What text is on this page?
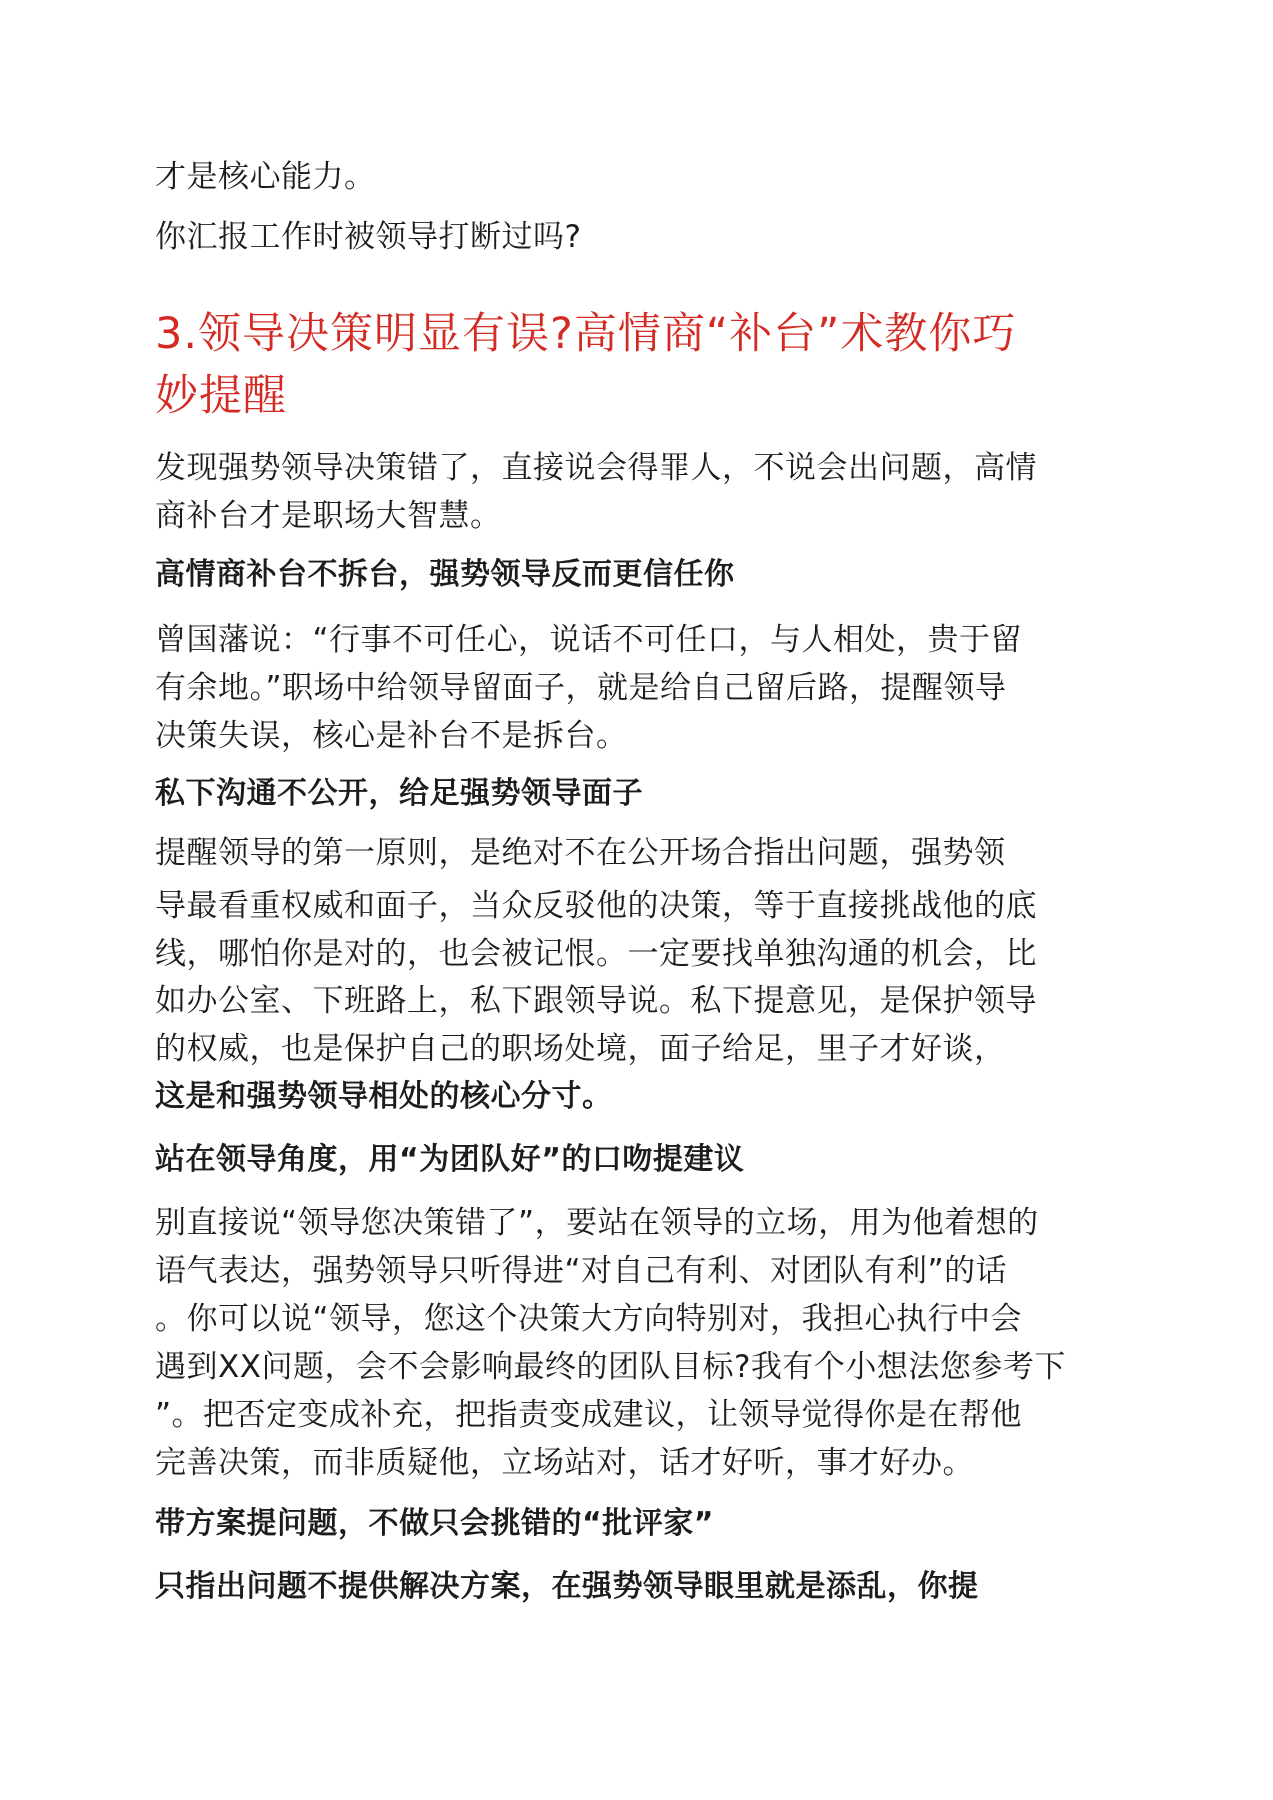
才是核心能力。
你汇报工作时被领导打断过吗?
3.领导决策明显有误?高情商“补台”术教你巧
妙提醒
发现强势领导决策错了，直接说会得罪人，不说会出问题，高情
商补台才是职场大智慧。
高情商补台不拆台，强势领导反而更信任你
曾国藩说：“行事不可任心，说话不可任口，与人相处，贵于留
有余地。”职场中给领导留面子，就是给自己留后路，提醒领导
决策失误，核心是补台不是拆台。
私下沟通不公开，给足强势领导面子
提醒领导的第一原则，是绝对不在公开场合指出问题，强势领
导最看重权威和面子，当众反驳他的决策，等于直接挑战他的底
线，哪怕你是对的，也会被记恨。一定要找单独沟通的机会，比
如办公室、下班路上，私下跟领导说。私下提意见，是保护领导
的权威，也是保护自己的职场处境，面子给足，里子才好谈，
这是和强势领导相处的核心分寸。
站在领导角度，用“为团队好”的口吻提建议
别直接说“领导您决策错了”，要站在领导的立场，用为他着想的
语气表达，强势领导只听得进“对自己有利、对团队有利”的话
。你可以说“领导，您这个决策大方向特别对，我担心执行中会
遇到XX问题，会不会影响最终的团队目标?我有个小想法您参考下
”。把否定变成补充，把指责变成建议，让领导觉得你是在帮他
完善决策，而非质疑他，立场站对，话才好听，事才好办。
带方案提问题，不做只会挑错的“批评家”
只指出问题不提供解决方案，在强势领导眼里就是添乱，你提
